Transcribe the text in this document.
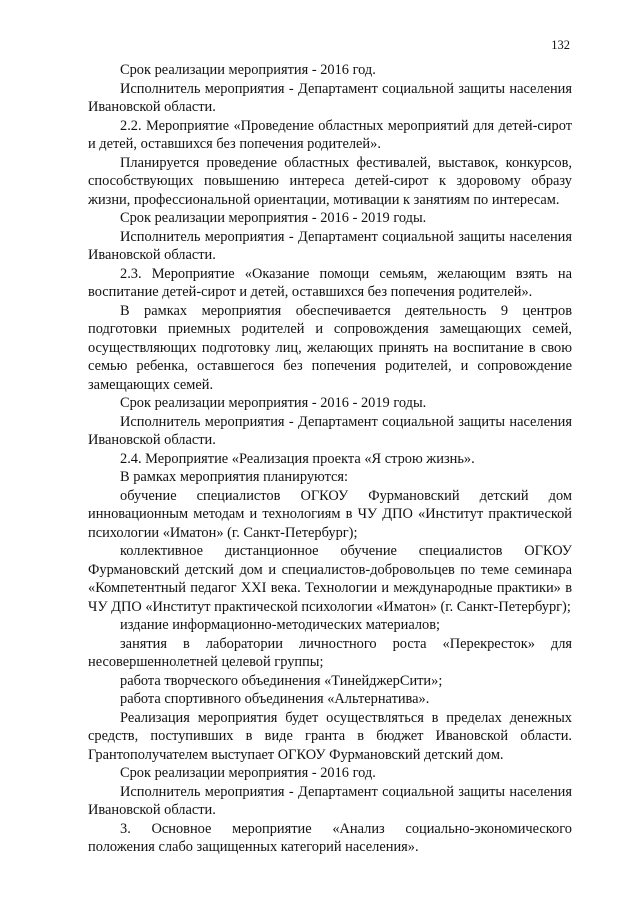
132

Срок реализации мероприятия - 2016 год.

Исполнитель мероприятия - Департамент социальной защиты населения Ивановской области.

2.2. Мероприятие «Проведение областных мероприятий для детей-сирот и детей, оставшихся без попечения родителей».

Планируется проведение областных фестивалей, выставок, конкурсов, способствующих повышению интереса детей-сирот к здоровому образу жизни, профессиональной ориентации, мотивации к занятиям по интересам.

Срок реализации мероприятия - 2016 - 2019 годы.

Исполнитель мероприятия - Департамент социальной защиты населения Ивановской области.

2.3. Мероприятие «Оказание помощи семьям, желающим взять на воспитание детей-сирот и детей, оставшихся без попечения родителей».

В рамках мероприятия обеспечивается деятельность 9 центров подготовки приемных родителей и сопровождения замещающих семей, осуществляющих подготовку лиц, желающих принять на воспитание в свою семью ребенка, оставшегося без попечения родителей, и сопровождение замещающих семей.

Срок реализации мероприятия - 2016 - 2019 годы.

Исполнитель мероприятия - Департамент социальной защиты населения Ивановской области.

2.4. Мероприятие «Реализация проекта «Я строю жизнь».

В рамках мероприятия планируются:

обучение специалистов ОГКОУ Фурмановский детский дом инновационным методам и технологиям в ЧУ ДПО «Институт практической психологии «Иматон» (г. Санкт-Петербург);

коллективное дистанционное обучение специалистов ОГКОУ Фурмановский детский дом и специалистов-добровольцев по теме семинара «Компетентный педагог XXI века. Технологии и международные практики» в ЧУ ДПО «Институт практической психологии «Иматон» (г. Санкт-Петербург);

издание информационно-методических материалов;

занятия в лаборатории личностного роста «Перекресток» для несовершеннолетней целевой группы;

работа творческого объединения «ТинейджерСити»;

работа спортивного объединения «Альтернатива».

Реализация мероприятия будет осуществляться в пределах денежных средств, поступивших в виде гранта в бюджет Ивановской области. Грантополучателем выступает ОГКОУ Фурмановский детский дом.

Срок реализации мероприятия - 2016 год.

Исполнитель мероприятия - Департамент социальной защиты населения Ивановской области.

3. Основное мероприятие «Анализ социально-экономического положения слабо защищенных категорий населения».
